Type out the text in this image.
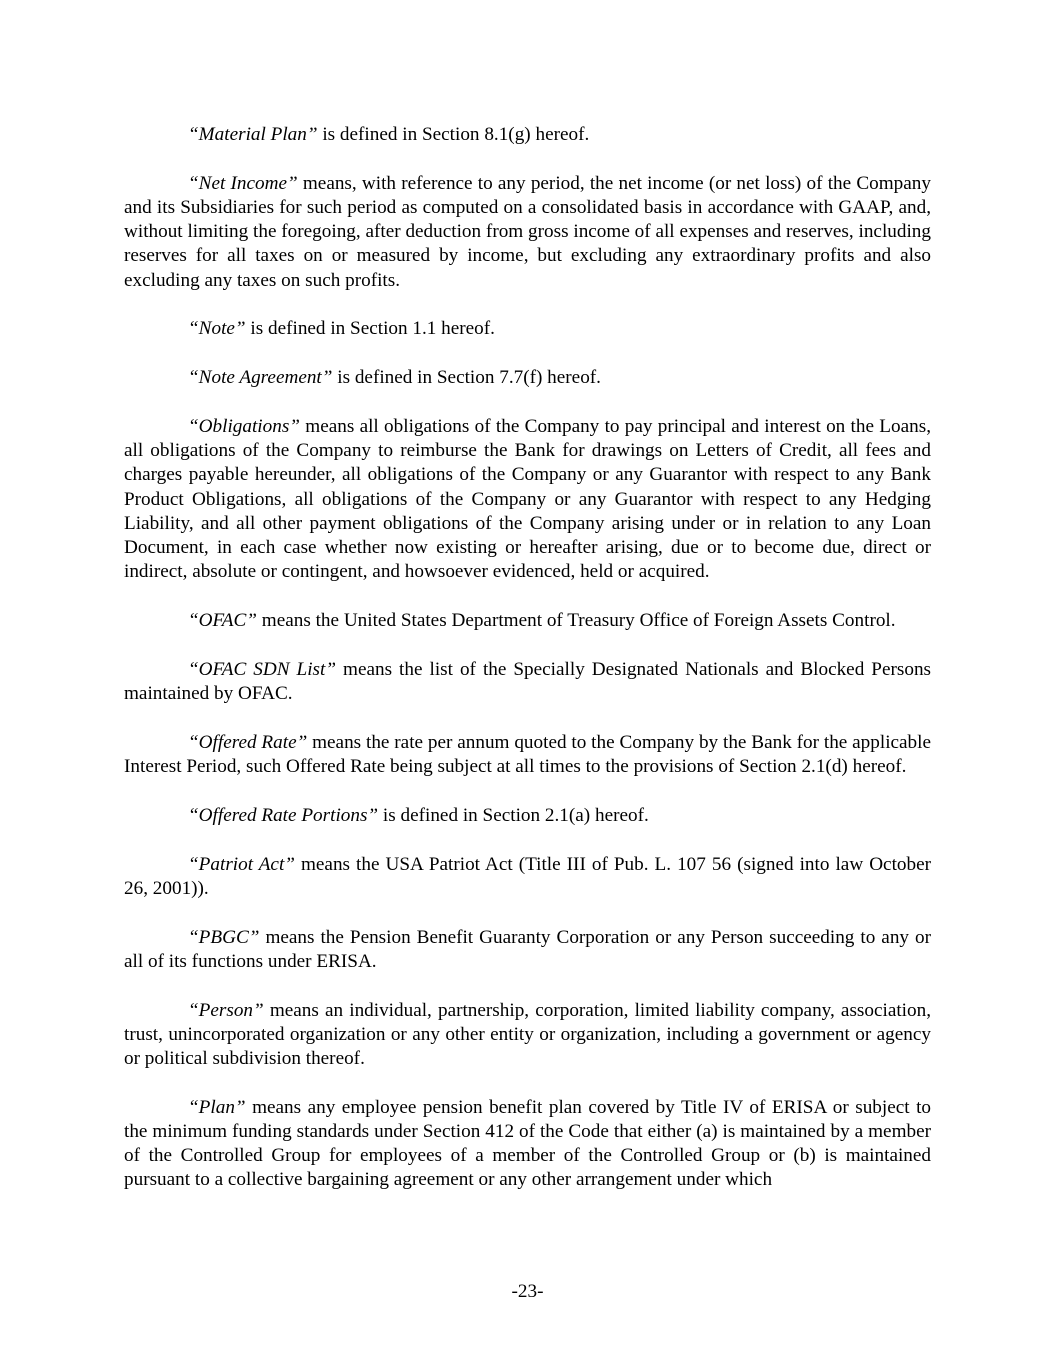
“Material Plan” is defined in Section 8.1(g) hereof.

“Net Income” means, with reference to any period, the net income (or net loss) of the Company and its Subsidiaries for such period as computed on a consolidated basis in accordance with GAAP, and, without limiting the foregoing, after deduction from gross income of all expenses and reserves, including reserves for all taxes on or measured by income, but excluding any extraordinary profits and also excluding any taxes on such profits.

“Note” is defined in Section 1.1 hereof.

“Note Agreement” is defined in Section 7.7(f) hereof.

“Obligations” means all obligations of the Company to pay principal and interest on the Loans, all obligations of the Company to reimburse the Bank for drawings on Letters of Credit, all fees and charges payable hereunder, all obligations of the Company or any Guarantor with respect to any Bank Product Obligations, all obligations of the Company or any Guarantor with respect to any Hedging Liability, and all other payment obligations of the Company arising under or in relation to any Loan Document, in each case whether now existing or hereafter arising, due or to become due, direct or indirect, absolute or contingent, and howsoever evidenced, held or acquired.

“OFAC” means the United States Department of Treasury Office of Foreign Assets Control.

“OFAC SDN List” means the list of the Specially Designated Nationals and Blocked Persons maintained by OFAC.

“Offered Rate” means the rate per annum quoted to the Company by the Bank for the applicable Interest Period, such Offered Rate being subject at all times to the provisions of Section 2.1(d) hereof.

“Offered Rate Portions” is defined in Section 2.1(a) hereof.

“Patriot Act” means the USA Patriot Act (Title III of Pub. L. 107 56 (signed into law October 26, 2001)).

“PBGC” means the Pension Benefit Guaranty Corporation or any Person succeeding to any or all of its functions under ERISA.

“Person” means an individual, partnership, corporation, limited liability company, association, trust, unincorporated organization or any other entity or organization, including a government or agency or political subdivision thereof.

“Plan” means any employee pension benefit plan covered by Title IV of ERISA or subject to the minimum funding standards under Section 412 of the Code that either (a) is maintained by a member of the Controlled Group for employees of a member of the Controlled Group or (b) is maintained pursuant to a collective bargaining agreement or any other arrangement under which

-23-
